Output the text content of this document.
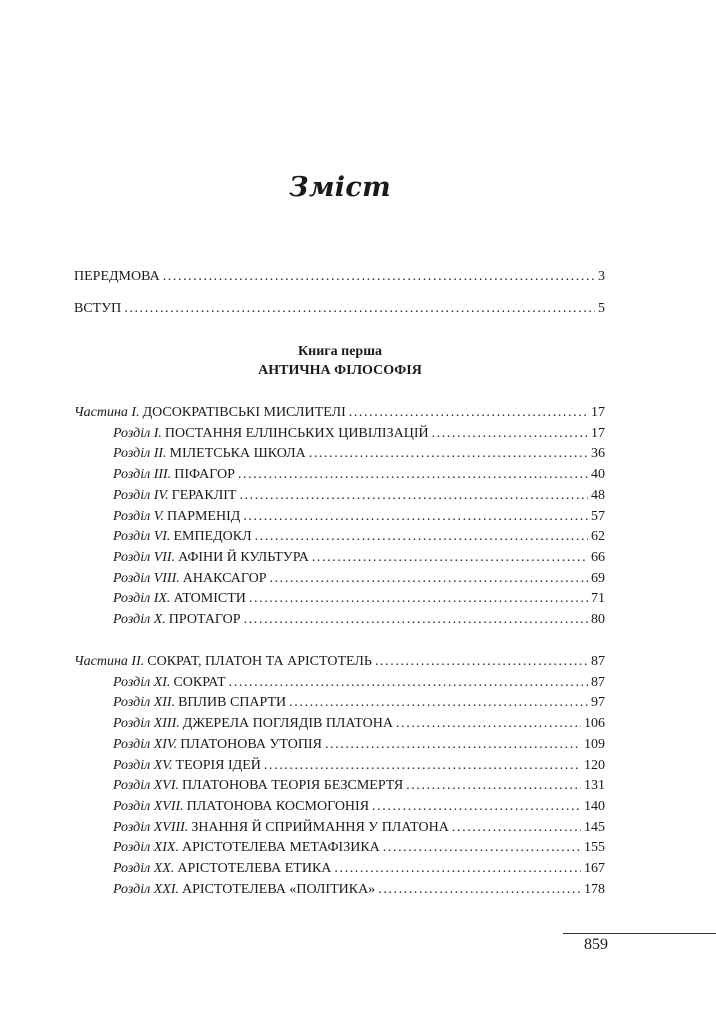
Зміст
ПЕРЕДМОВА .....	3
ВСТУП .....	5
Книга перша
АНТИЧНА ФІЛОСОФІЯ
Частина I. ДОСОКРАТІВСЬКІ МИСЛИТЕЛІ .....	17
Розділ I. ПОСТАННЯ ЕЛЛІНСЬКИХ ЦИВІЛІЗАЦІЙ .....	17
Розділ II. МІЛЕТСЬКА ШКОЛА .....	36
Розділ III. ПІФАГОР .....	40
Розділ IV. ГЕРАКЛІТ .....	48
Розділ V. ПАРМЕНІД .....	57
Розділ VI. ЕМПЕДОКЛ .....	62
Розділ VII. АФІНИ Й КУЛЬТУРА .....	66
Розділ VIII. АНАКСАГОР .....	69
Розділ IX. АТОМІСТИ .....	71
Розділ X. ПРОТАГОР .....	80
Частина II. СОКРАТ, ПЛАТОН ТА АРІСТОТЕЛЬ .....	87
Розділ XI. СОКРАТ .....	87
Розділ XII. ВПЛИВ СПАРТИ .....	97
Розділ XIII. ДЖЕРЕЛА ПОГЛЯДІВ ПЛАТОНА .....	106
Розділ XIV. ПЛАТОНОВА УТОПІЯ .....	109
Розділ XV. ТЕОРІЯ ІДЕЙ .....	120
Розділ XVI. ПЛАТОНОВА ТЕОРІЯ БЕЗСМЕРТЯ .....	131
Розділ XVII. ПЛАТОНОВА КОСМОГОНІЯ .....	140
Розділ XVIII. ЗНАННЯ Й СПРИЙМАННЯ У ПЛАТОНА .....	145
Розділ XIX. АРІСТОТЕЛЕВА МЕТАФІЗИКА .....	155
Розділ XX. АРІСТОТЕЛЕВА ЕТИКА .....	167
Розділ XXI. АРІСТОТЕЛЕВА «ПОЛІТИКА» .....	178
859
